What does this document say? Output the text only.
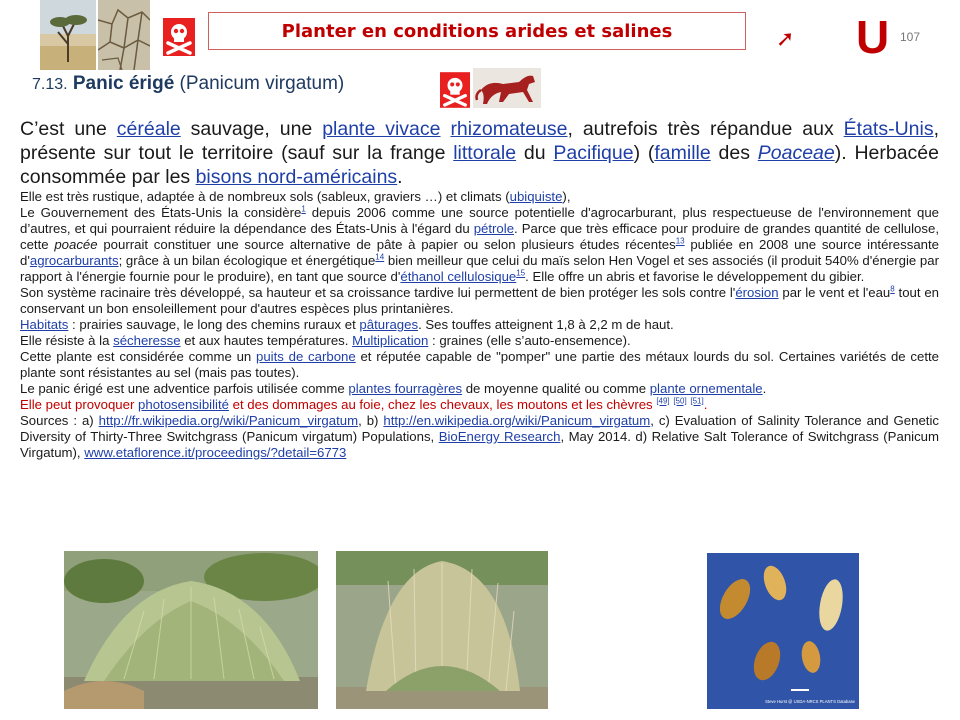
Planter en conditions arides et salines	➚ U 107
7.13. Panic érigé (Panicum virgatum)

C’est une céréale sauvage, une plante vivace rhizomateuse, autrefois très répandue aux États-Unis, présente sur tout le territoire (sauf sur la frange littorale du Pacifique) (famille des Poaceae). Herbacée consommée par les bisons nord-américains.

Elle est très rustique, adaptée à de nombreux sols (sableux, graviers …) et climats (ubiquiste),

Le Gouvernement des États-Unis la considère$^1$ depuis 2006 comme une source potentielle d'agrocarburant, plus respectueuse de l'environnement que d’autres, et qui pourraient réduire la dépendance des États-Unis à l'égard du pétrole. Parce que très efficace pour produire de grandes quantité de cellulose, cette poacée pourrait constituer une source alternative de pâte à papier ou selon plusieurs études récentes$^{13}$ publiée en 2008 une source intéressante d'agrocarburants; grâce à un bilan écologique et énergétique$^{14}$ bien meilleur que celui du maïs selon Hen Vogel et ses associés (il produit 540% d'énergie par rapport à l'énergie fournie pour le produire), en tant que source d'éthanol cellulosique$^{15}$. Elle offre un abris et favorise le développement du gibier.

Son système racinaire très développé, sa hauteur et sa croissance tardive lui permettent de bien protéger les sols contre l'érosion par le vent et l'eau$^8$ tout en conservant un bon ensoleillement pour d'autres espèces plus printanières.

Habitats : prairies sauvage, le long des chemins ruraux et pâturages. Ses touffes atteignent 1,8 à 2,2 m de haut.

Elle résiste à la sécheresse et aux hautes températures. Multiplication : graines (elle s’auto-ensemence).

Cette plante est considérée comme un puits de carbone et réputée capable de "pomper" une partie des métaux lourds du sol. Certaines variétés de cette plante sont résistantes au sel (mais pas toutes).

Le panic érigé est une adventice parfois utilisée comme plantes fourragères de moyenne qualité ou comme plante ornementale.

Elle peut provoquer photosensibilité et des dommages au foie, chez les chevaux, les moutons et les chèvres [49] [50] [51].

Sources : a) http://fr.wikipedia.org/wiki/Panicum_virgatum, b) http://en.wikipedia.org/wiki/Panicum_virgatum, c) Evaluation of Salinity Tolerance and Genetic Diversity of Thirty-Three Switchgrass (Panicum virgatum) Populations, BioEnergy Research, May 2014. d) Relative Salt Tolerance of Switchgrass (Panicum Virgatum), www.etaflorence.it/proceedings/?detail=6773

Steve Hurst @ USDA-NRCS PLANTS Database
